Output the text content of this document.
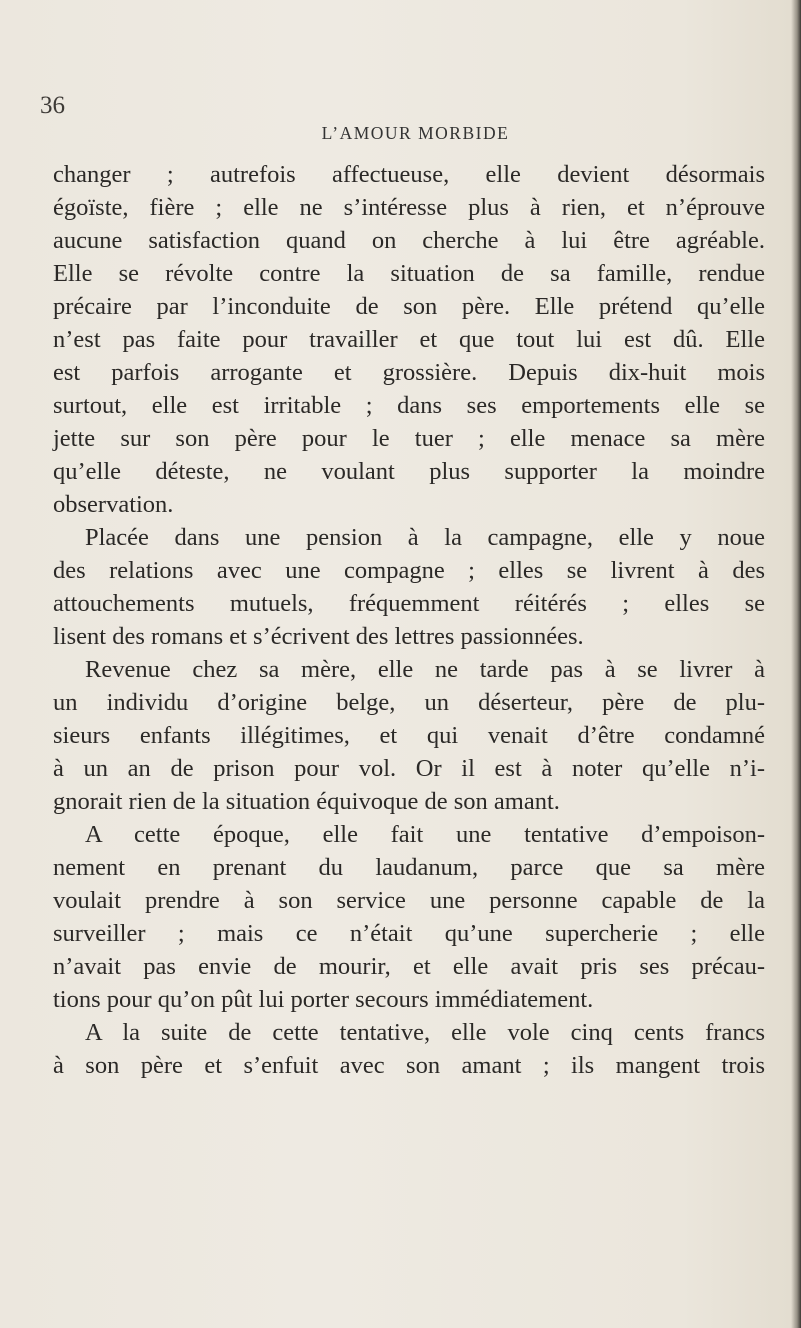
36
L’AMOUR MORBIDE
changer ; autrefois affectueuse, elle devient désormais
égoïste, fière ; elle ne s’intéresse plus à rien, et n’éprouve
aucune satisfaction quand on cherche à lui être agréable.
Elle se révolte contre la situation de sa famille, rendue
précaire par l’inconduite de son père. Elle prétend qu’elle
n’est pas faite pour travailler et que tout lui est dû. Elle
est parfois arrogante et grossière. Depuis dix-huit mois
surtout, elle est irritable ; dans ses emportements elle se
jette sur son père pour le tuer ; elle menace sa mère
qu’elle déteste, ne voulant plus supporter la moindre
observation.
Placée dans une pension à la campagne, elle y noue
des relations avec une compagne ; elles se livrent à des
attouchements mutuels, fréquemment réitérés ; elles se
lisent des romans et s’écrivent des lettres passionnées.
Revenue chez sa mère, elle ne tarde pas à se livrer à
un individu d’origine belge, un déserteur, père de plu-
sieurs enfants illégitimes, et qui venait d’être condamné
à un an de prison pour vol. Or il est à noter qu’elle n’i-
gnorait rien de la situation équivoque de son amant.
A cette époque, elle fait une tentative d’empoison-
nement en prenant du laudanum, parce que sa mère
voulait prendre à son service une personne capable de la
surveiller ; mais ce n’était qu’une supercherie ; elle
n’avait pas envie de mourir, et elle avait pris ses précau-
tions pour qu’on pût lui porter secours immédiatement.
A la suite de cette tentative, elle vole cinq cents francs
à son père et s’enfuit avec son amant ; ils mangent trois
